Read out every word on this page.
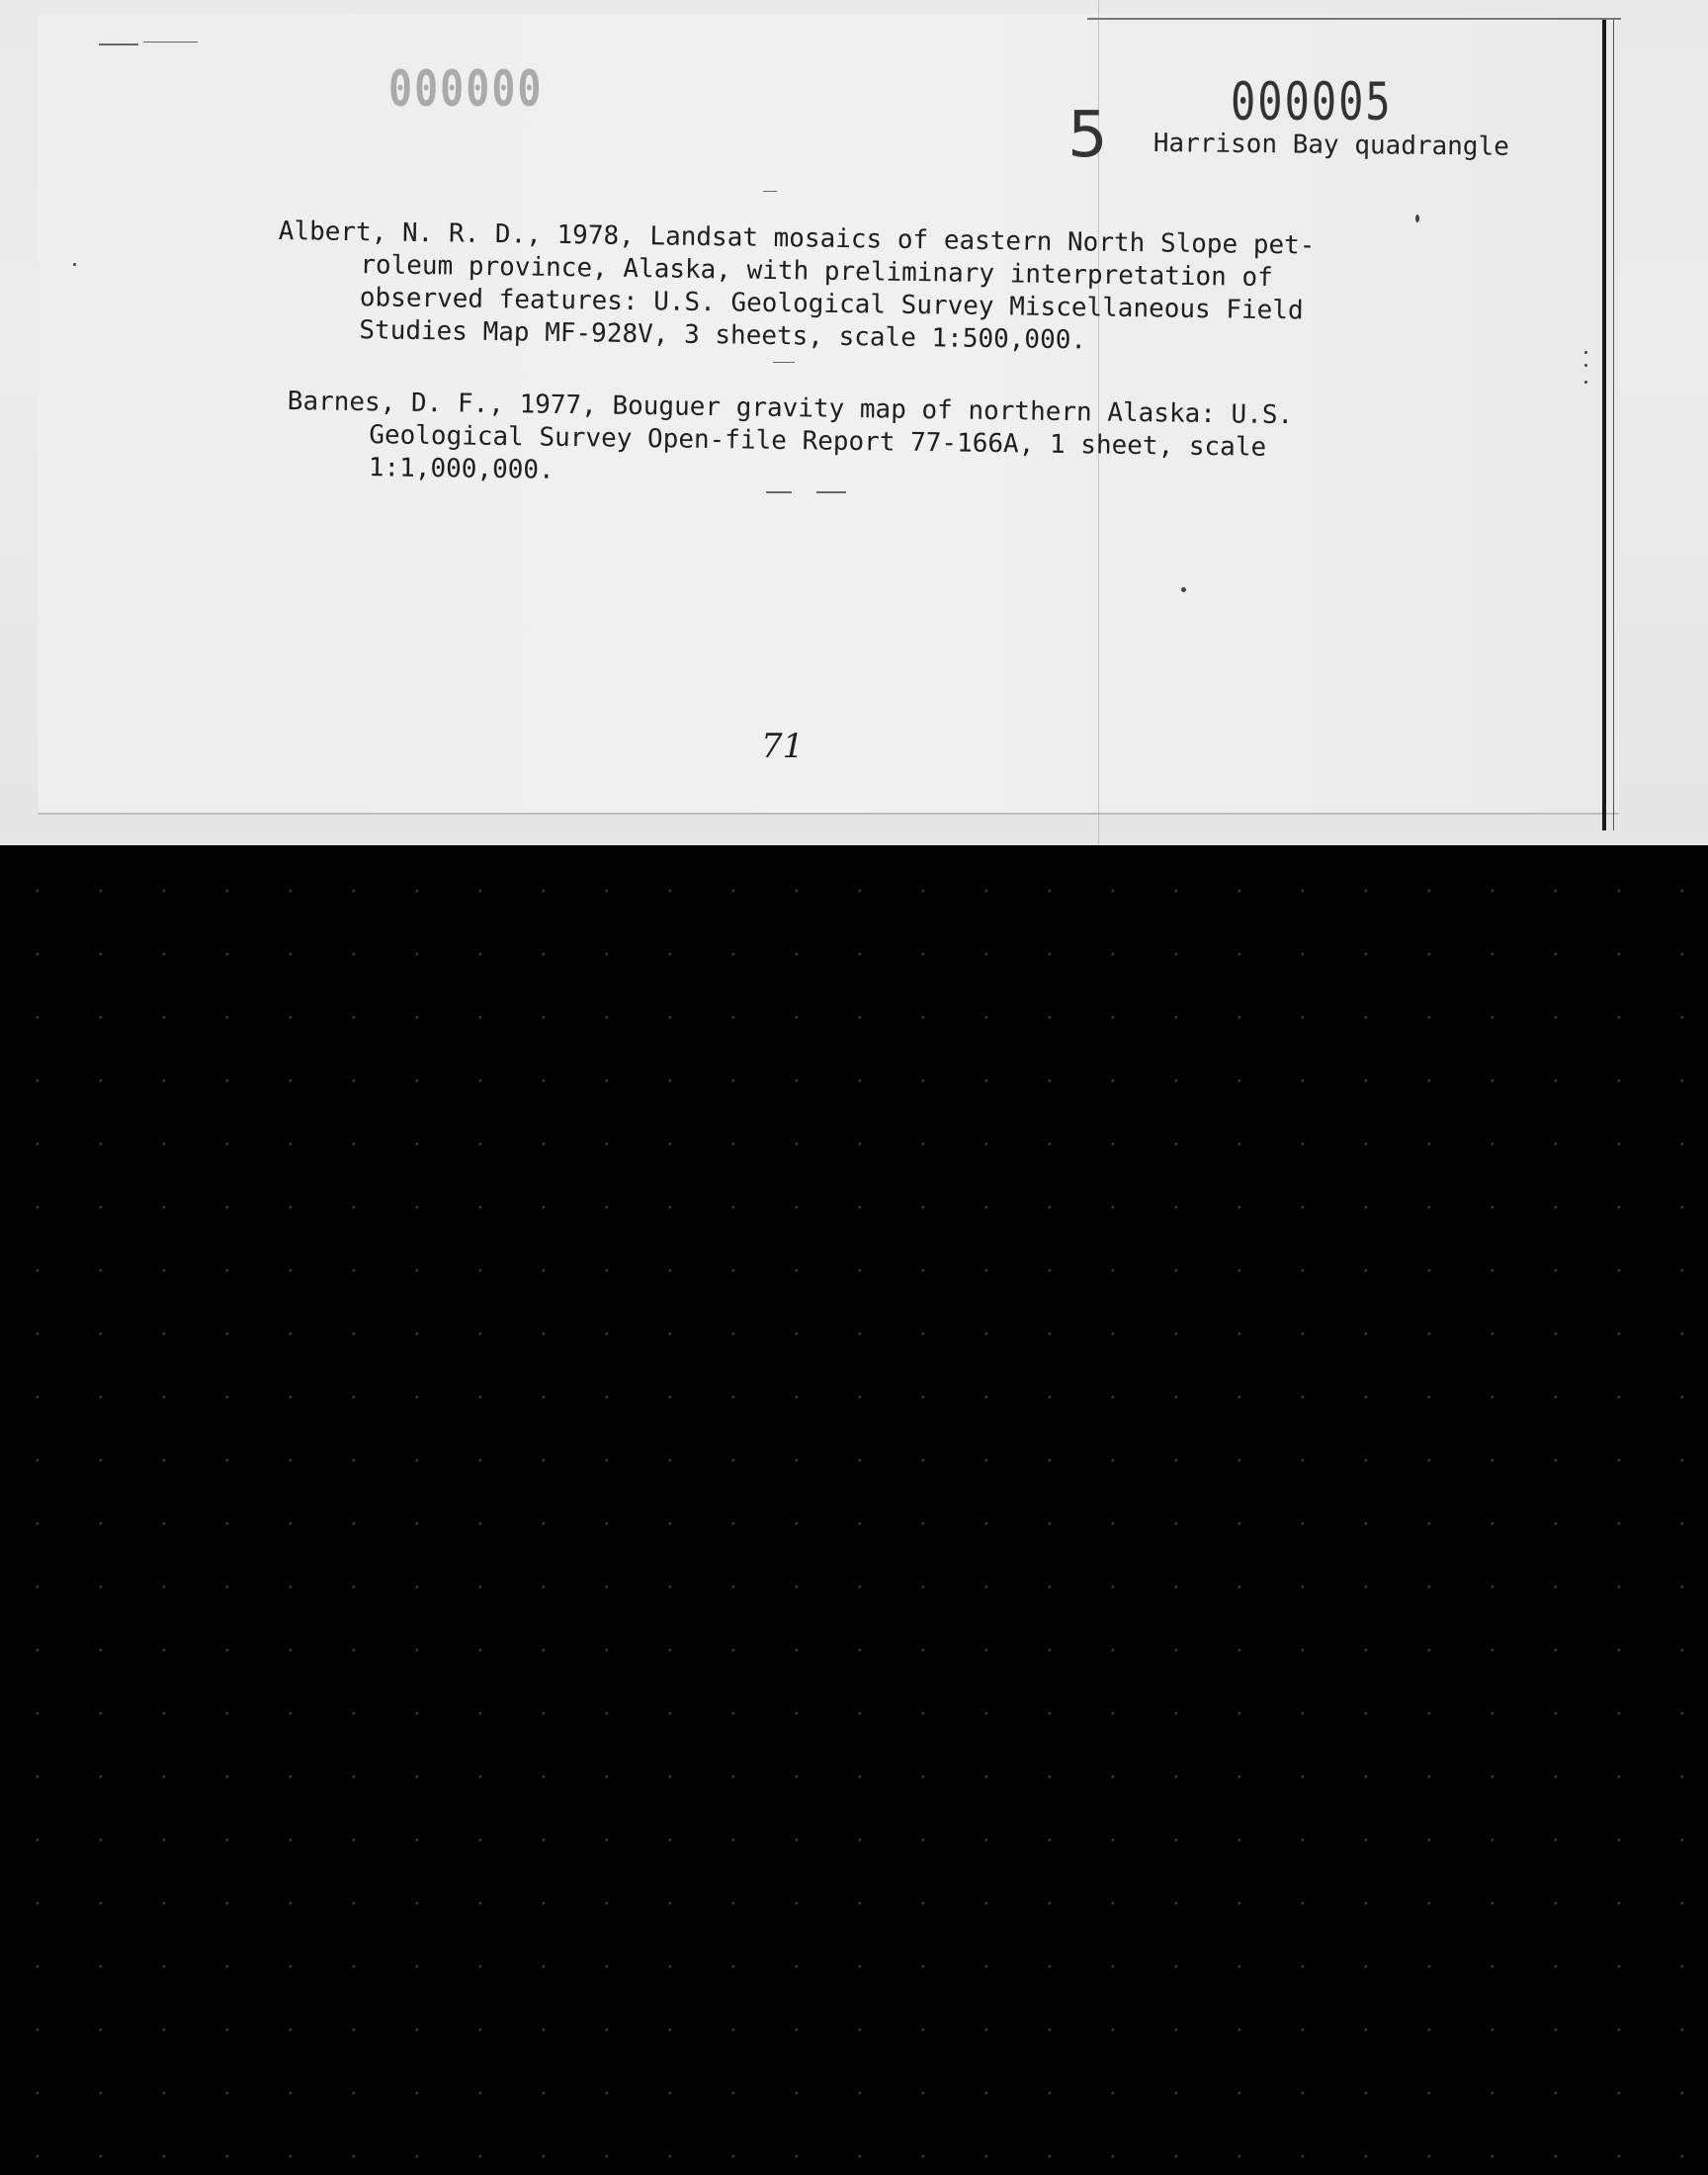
000000	000005
5 Harrison Bay quadrangle
Albert, N. R. D., 1978, Landsat mosaics of eastern North Slope pet-
roleum province, Alaska, with preliminary interpretation of
observed features: U.S. Geological Survey Miscellaneous Field
Studies Map MF-928V, 3 sheets, scale 1:500,000.
Barnes, D. F., 1977, Bouguer gravity map of northern Alaska: U.S.
Geological Survey Open-file Report 77-166A, 1 sheet, scale
1:1,000,000.
71
